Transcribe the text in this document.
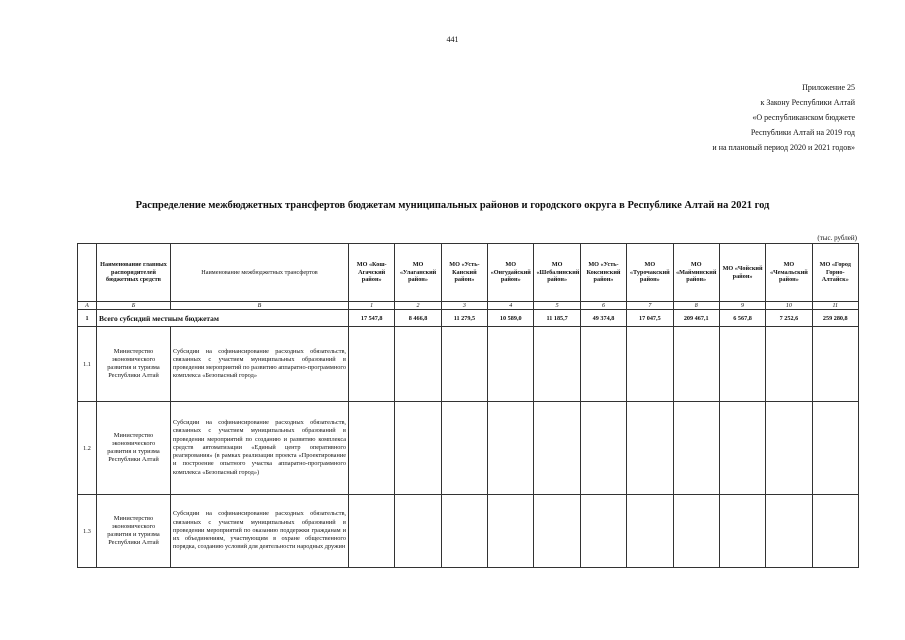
441
Приложение 25
к Закону Республики Алтай
«О республиканском бюджете
Республики Алтай на 2019 год
и на плановый период 2020 и 2021 годов»
Распределение межбюджетных трансфертов бюджетам муниципальных районов и городского округа в Республике Алтай на 2021 год
(тыс. рублей)
	Наименование главных распорядителей бюджетных средств	Наименование межбюджетных трансфертов	МО «Кош-Агачский район»	МО «Улаганский район»	МО «Усть-Канский район»	МО «Онгудайский район»	МО «Шебалинский район»	МО «Усть-Коксинский район»	МО «Турочакский район»	МО «Майминский район»	МО «Чойский район»	МО «Чемальский район»	МО «Город Горно-Алтайск»
А	Б	В	1	2	3	4	5	6	7	8	9	10	11
1	Всего субсидий местным бюджетам		17 547,8	8 466,8	11 279,5	10 589,0	11 185,7	49 374,8	17 047,5	209 467,1	6 567,8	7 252,6	259 280,8
1.1	Министерство экономического развития и туризма Республики Алтай	Субсидии на софинансирование расходных обязательств, связанных с участием муниципальных образований в проведении мероприятий по развитию аппаратно-программного комплекса «Безопасный город»											
1.2	Министерство экономического развития и туризма Республики Алтай	Субсидии на софинансирование расходных обязательств, связанных с участием муниципальных образований в проведении мероприятий по созданию и развитию комплекса средств автоматизации «Единый центр оперативного реагирования» (в рамках реализации проекта «Проектирование и построение опытного участка аппаратно-программного комплекса «Безопасный город»)											
1.3	Министерство экономического развития и туризма Республики Алтай	Субсидии на софинансирование расходных обязательств, связанных с участием муниципальных образований в проведении мероприятий по оказанию поддержки гражданам и их объединениям, участвующим в охране общественного порядка, созданию условий для деятельности народных дружин											
